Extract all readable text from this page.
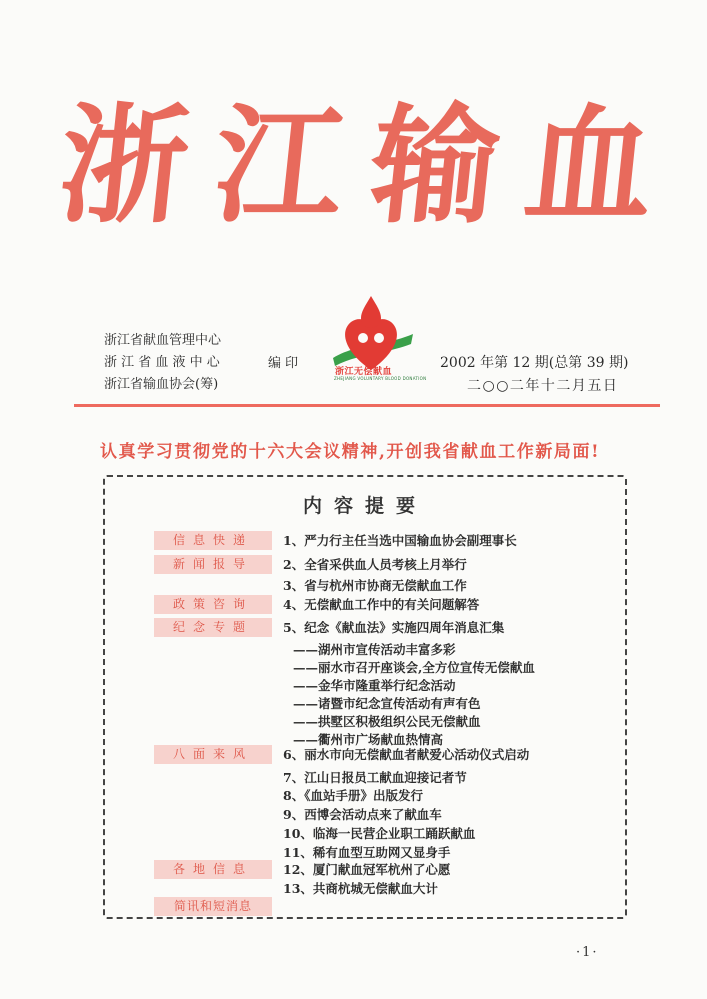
浙 江 输 血
浙江无偿献血
ZHEJIANG VOLUNTARY BLOOD DONATION
浙江省献血管理中心
浙 江 省 血 液 中 心
浙江省输血协会(筹)
编印	2002 年第 12 期(总第 39 期)
二○○二年十二月五日
认真学习贯彻党的十六大会议精神,开创我省献血工作新局面!
内容提要
信息快递	1、严力行主任当选中国输血协会副理事长
新闻报导	2、全省采供血人员考核上月举行
3、省与杭州市协商无偿献血工作
政策咨询	4、无偿献血工作中的有关问题解答
纪念专题	5、纪念《献血法》实施四周年消息汇集
——湖州市宣传活动丰富多彩
——丽水市召开座谈会,全方位宣传无偿献血
——金华市隆重举行纪念活动
——诸暨市纪念宣传活动有声有色
——拱墅区积极组织公民无偿献血
——衢州市广场献血热情高
八面来风	6、丽水市向无偿献血者献爱心活动仪式启动
7、江山日报员工献血迎接记者节
8、《血站手册》出版发行
9、西博会活动点来了献血车
10、临海一民营企业职工踊跃献血
11、稀有血型互助网又显身手
各地信息	12、厦门献血冠军杭州了心愿
13、共商杭城无偿献血大计
简讯和短消息
·1·
